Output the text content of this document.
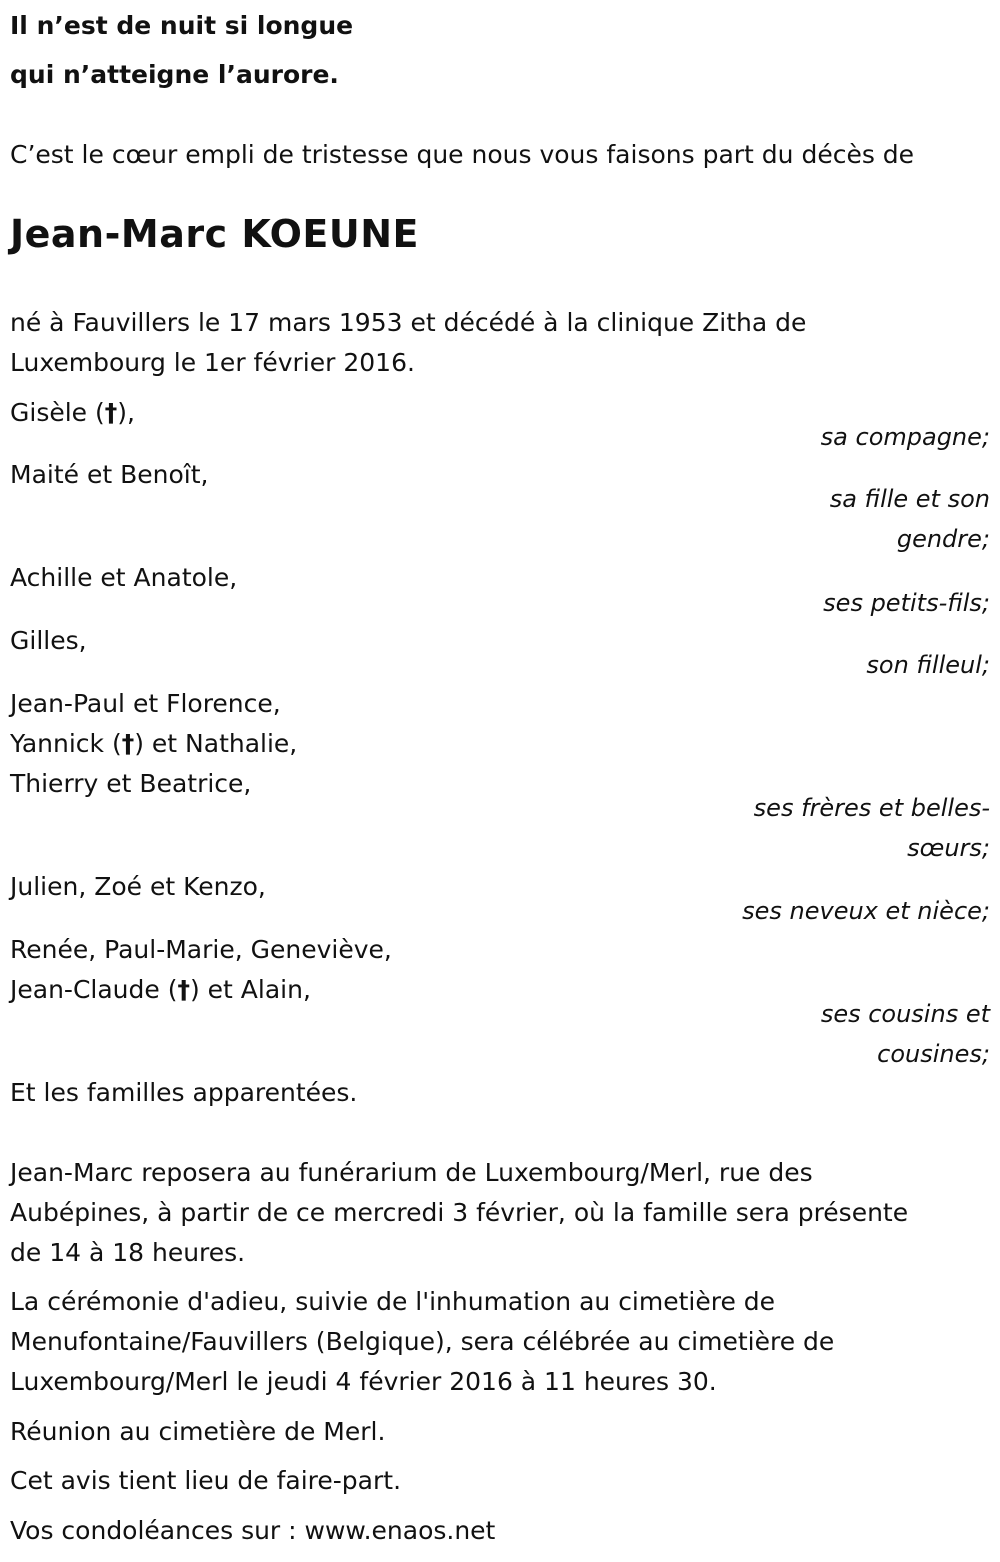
Il n’est de nuit si longue

qui n’atteigne l’aurore.

C’est le cœur empli de tristesse que nous vous faisons part du décès de

Jean-Marc KOEUNE

né à Fauvillers le 17 mars 1953 et décédé à la clinique Zitha de

Luxembourg le 1er février 2016.

Gisèle (†),

sa compagne;

Maité et Benoît,

sa fille et son

gendre;

Achille et Anatole,

ses petits-fils;

Gilles,

son filleul;

Jean-Paul et Florence,

Yannick (†) et Nathalie,

Thierry et Beatrice,

ses frères et belles-

sœurs;

Julien, Zoé et Kenzo,

ses neveux et nièce;

Renée, Paul-Marie, Geneviève,

Jean-Claude (†) et Alain,

ses cousins et

cousines;

Et les familles apparentées.

Jean-Marc reposera au funérarium de Luxembourg/Merl, rue des

Aubépines, à partir de ce mercredi 3 février, où la famille sera présente

de 14 à 18 heures.

La cérémonie d'adieu, suivie de l'inhumation au cimetière de

Menufontaine/Fauvillers (Belgique), sera célébrée au cimetière de

Luxembourg/Merl le jeudi 4 février 2016 à 11 heures 30.

Réunion au cimetière de Merl.

Cet avis tient lieu de faire-part.

Vos condoléances sur : www.enaos.net
